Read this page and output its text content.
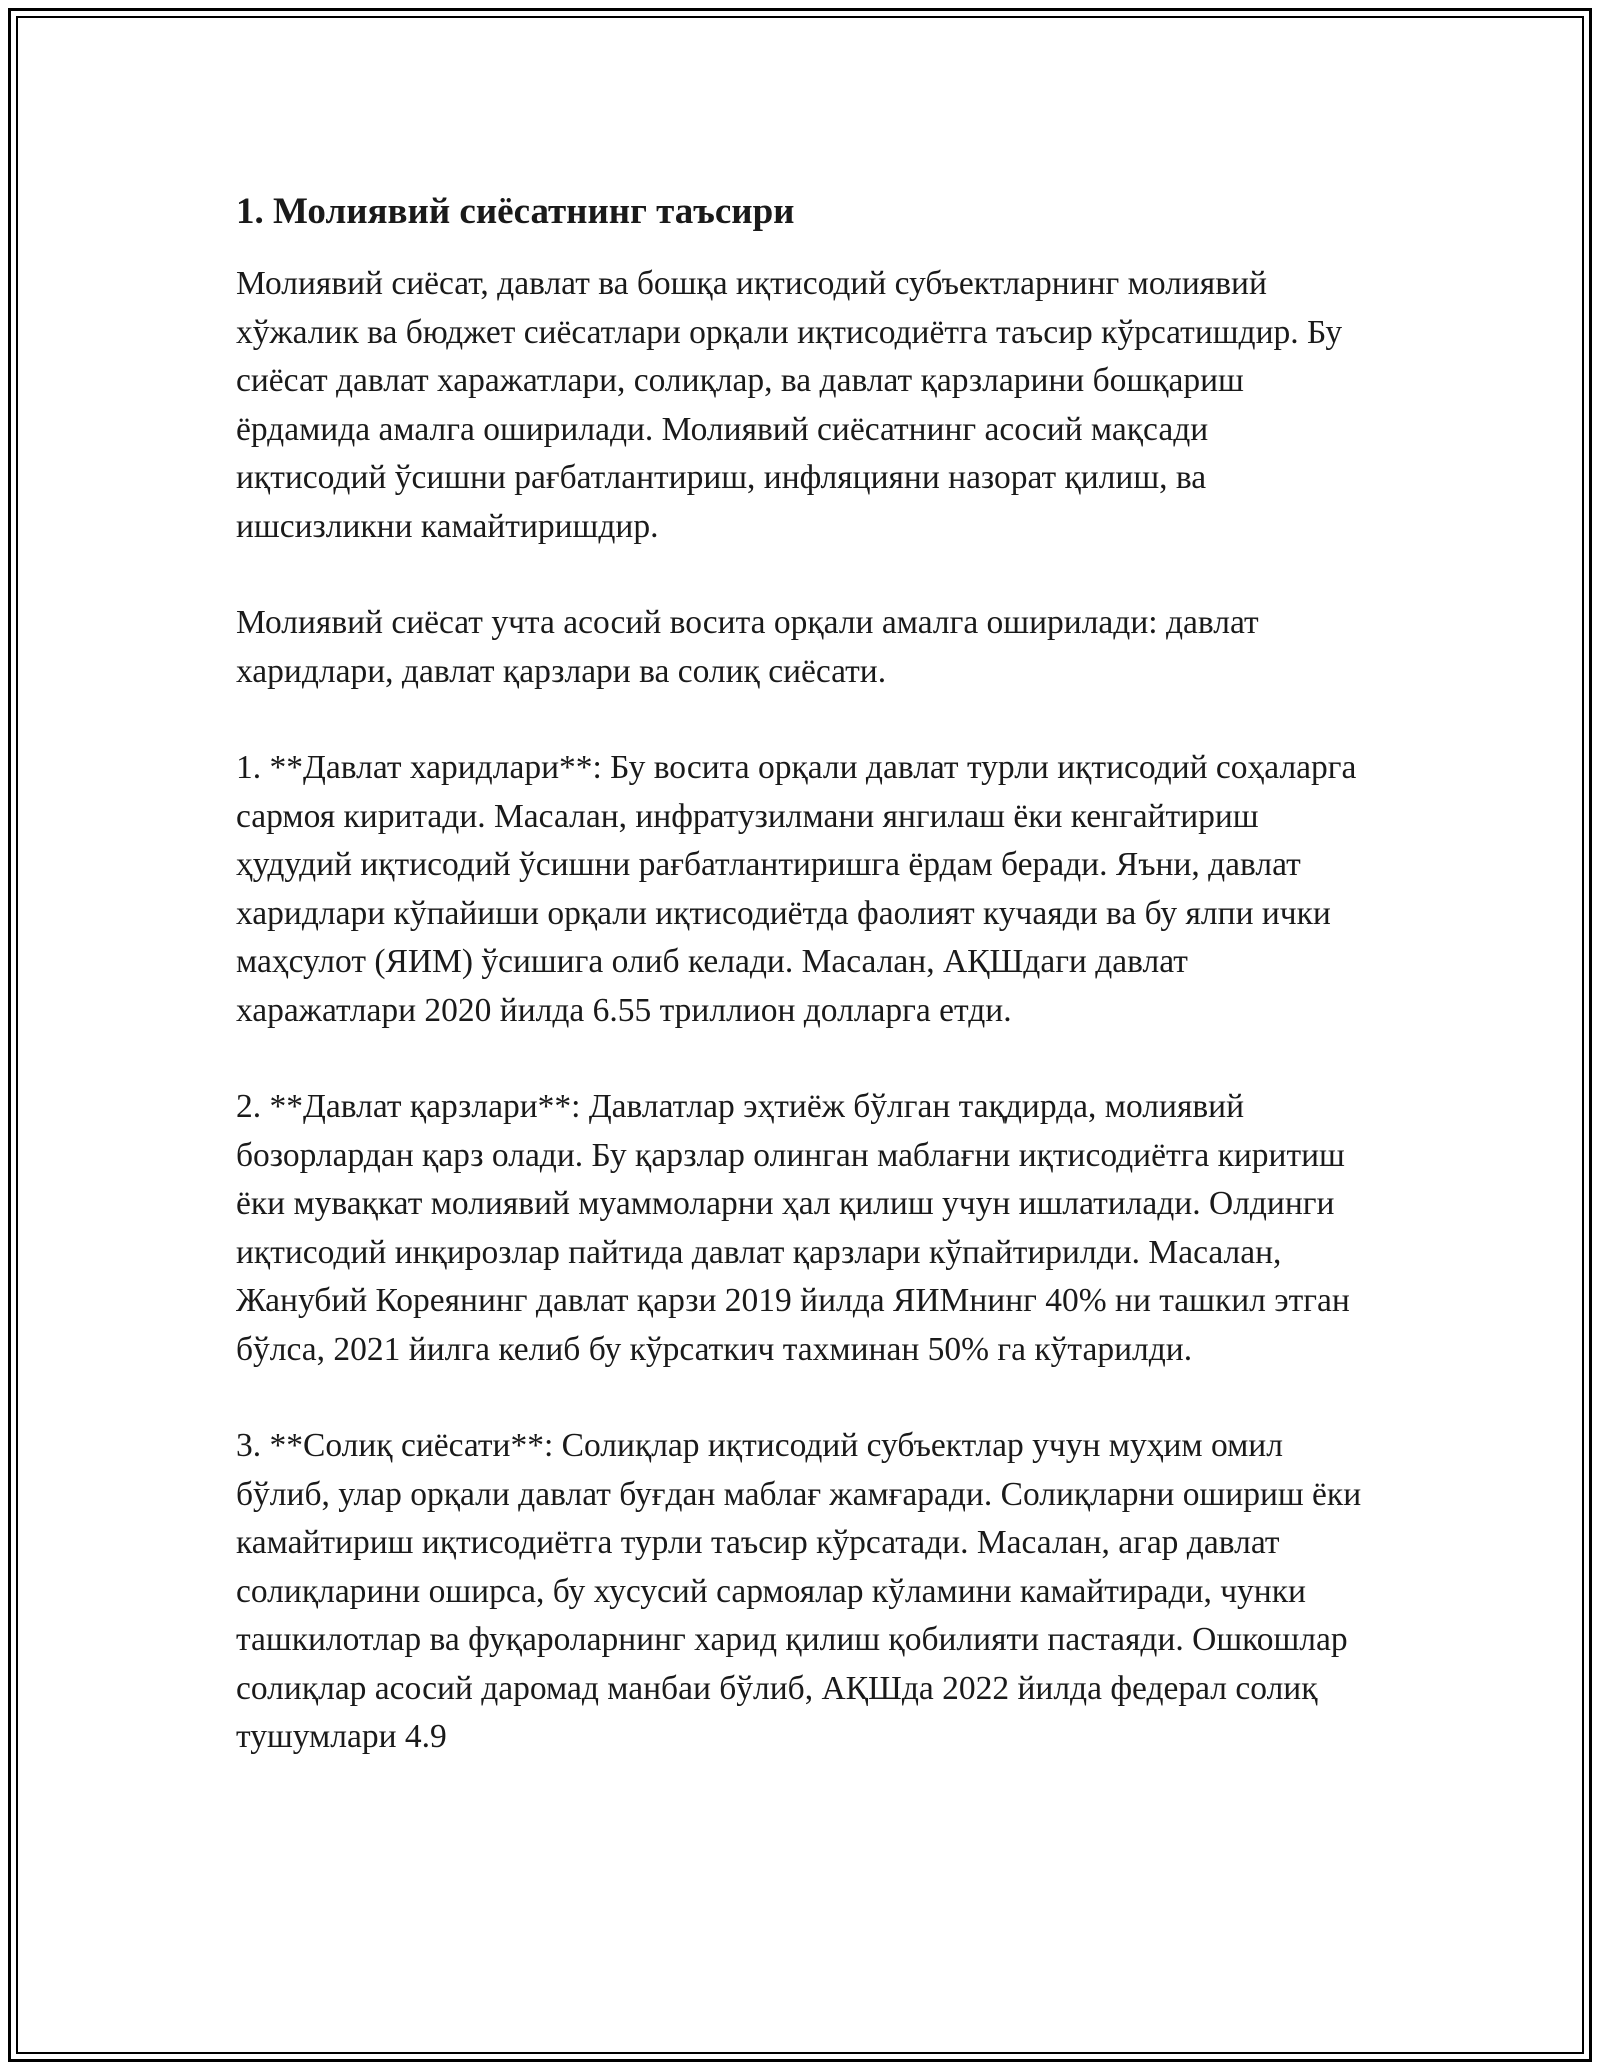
1. Молиявий сиёсатнинг таъсири

Молиявий сиёсат, давлат ва бошқа иқтисодий субъектларнинг молиявий хўжалик ва бюджет сиёсатлари орқали иқтисодиётга таъсир кўрсатишдир. Бу сиёсат давлат харажатлари, солиқлар, ва давлат қарзларини бошқариш ёрдамида амалга оширилади. Молиявий сиёсатнинг асосий мақсади иқтисодий ўсишни рағбатлантириш, инфляцияни назорат қилиш, ва ишсизликни камайтиришдир.

Молиявий сиёсат учта асосий восита орқали амалга оширилади: давлат харидлари, давлат қарзлари ва солиқ сиёсати.

1. **Давлат харидлари**: Бу восита орқали давлат турли иқтисодий соҳаларга сармоя киритади. Масалан, инфратузилмани янгилаш ёки кенгайтириш ҳудудий иқтисодий ўсишни рағбатлантиришга ёрдам беради. Яъни, давлат харидлари кўпайиши орқали иқтисодиётда фаолият кучаяди ва бу ялпи ички маҳсулот (ЯИМ) ўсишига олиб келади. Масалан, АҚШдаги давлат харажатлари 2020 йилда 6.55 триллион долларга етди.

2. **Давлат қарзлари**: Давлатлар эҳтиёж бўлган тақдирда, молиявий бозорлардан қарз олади. Бу қарзлар олинган маблағни иқтисодиётга киритиш ёки мувақкат молиявий муаммоларни ҳал қилиш учун ишлатилади. Олдинги иқтисодий инқирозлар пайтида давлат қарзлари кўпайтирилди. Масалан, Жанубий Кореянинг давлат қарзи 2019 йилда ЯИМнинг 40% ни ташкил этган бўлса, 2021 йилга келиб бу кўрсаткич тахминан 50% га кўтарилди.

3. **Солиқ сиёсати**: Солиқлар иқтисодий субъектлар учун муҳим омил бўлиб, улар орқали давлат буғдан маблағ жамғаради. Солиқларни ошириш ёки камайтириш иқтисодиётга турли таъсир кўрсатади. Масалан, агар давлат солиқларини оширса, бу хусусий сармоялар кўламини камайтиради, чунки ташкилотлар ва фуқароларнинг харид қилиш қобилияти пастаяди. Ошкошлар солиқлар асосий даромад манбаи бўлиб, АҚШда 2022 йилда федерал солиқ тушумлари 4.9
